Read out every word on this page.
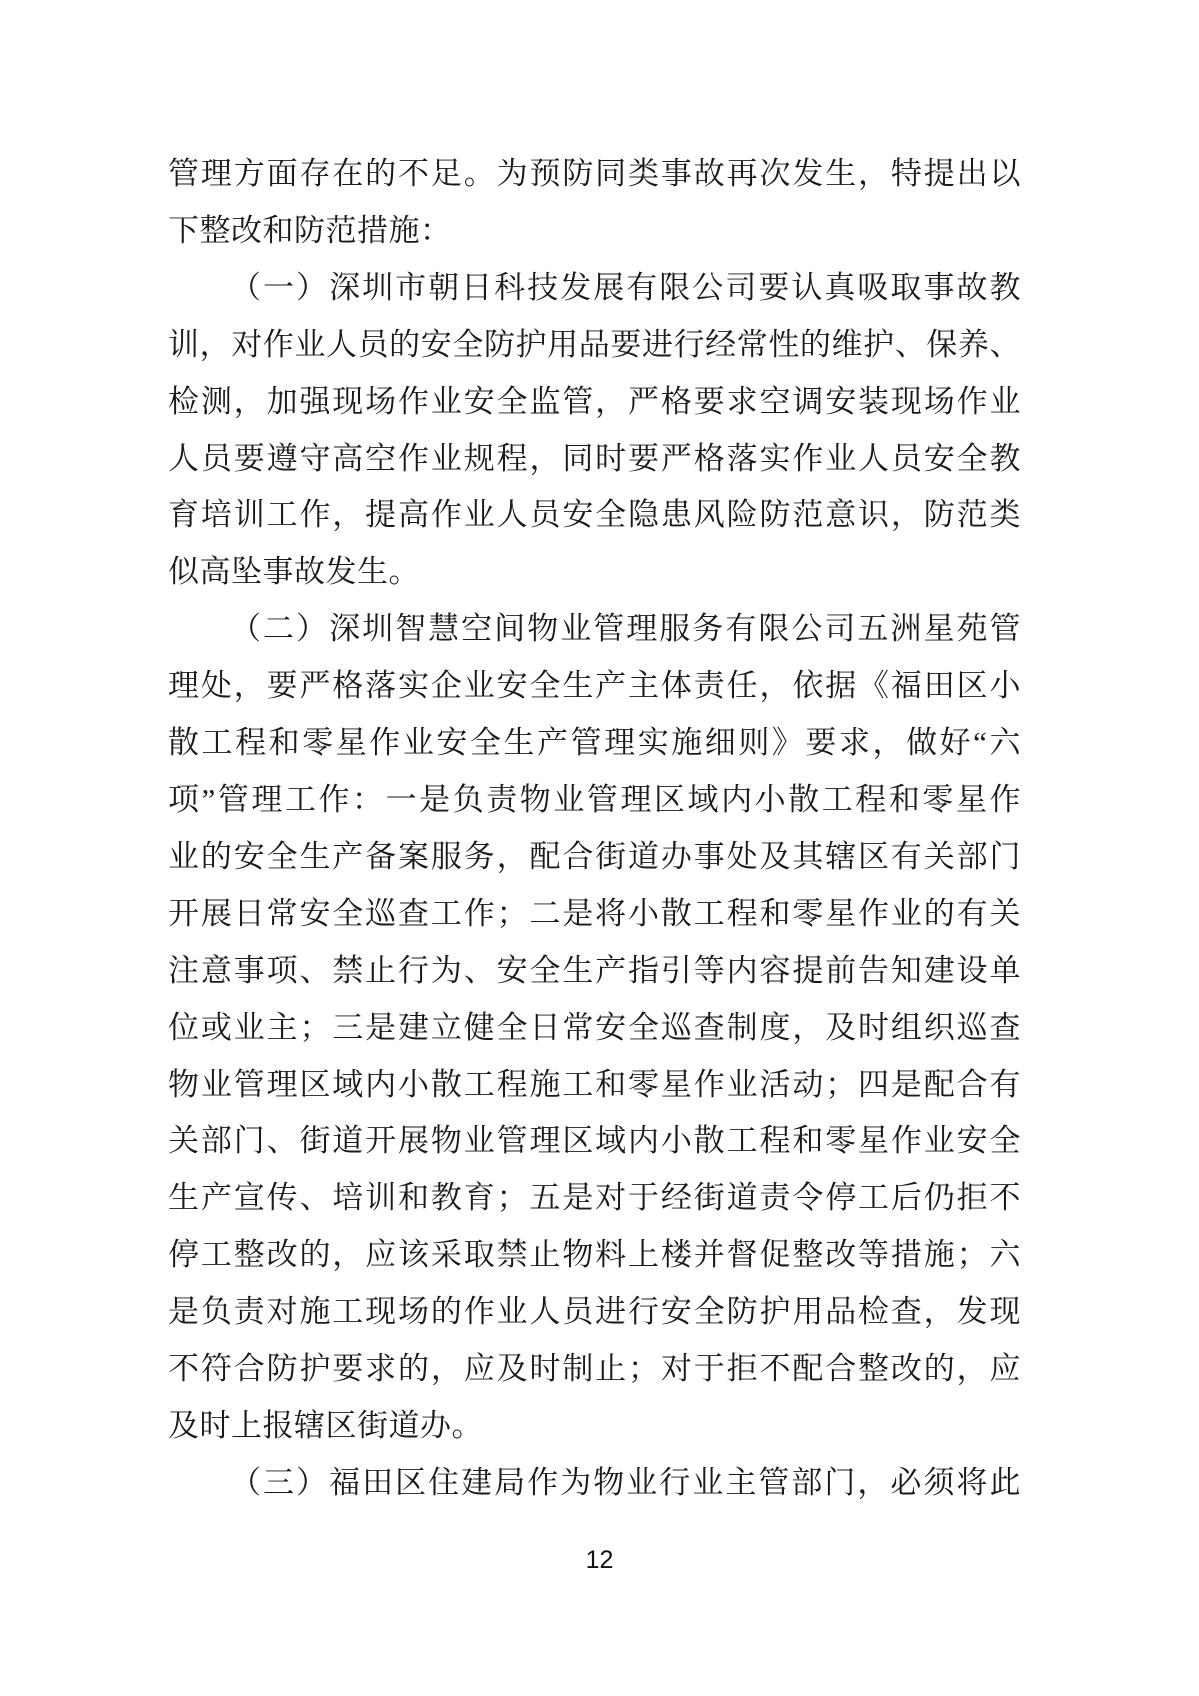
管理方面存在的不足。为预防同类事故再次发生，特提出以
下整改和防范措施：
（一）深圳市朝日科技发展有限公司要认真吸取事故教
训，对作业人员的安全防护用品要进行经常性的维护、保养、
检测，加强现场作业安全监管，严格要求空调安装现场作业
人员要遵守高空作业规程，同时要严格落实作业人员安全教
育培训工作，提高作业人员安全隐患风险防范意识，防范类
似高坠事故发生。
（二）深圳智慧空间物业管理服务有限公司五洲星苑管
理处，要严格落实企业安全生产主体责任，依据《福田区小
散工程和零星作业安全生产管理实施细则》要求，做好“六
项”管理工作：一是负责物业管理区域内小散工程和零星作
业的安全生产备案服务，配合街道办事处及其辖区有关部门
开展日常安全巡查工作；二是将小散工程和零星作业的有关
注意事项、禁止行为、安全生产指引等内容提前告知建设单
位或业主；三是建立健全日常安全巡查制度，及时组织巡查
物业管理区域内小散工程施工和零星作业活动；四是配合有
关部门、街道开展物业管理区域内小散工程和零星作业安全
生产宣传、培训和教育；五是对于经街道责令停工后仍拒不
停工整改的，应该采取禁止物料上楼并督促整改等措施；六
是负责对施工现场的作业人员进行安全防护用品检查，发现
不符合防护要求的，应及时制止；对于拒不配合整改的，应
及时上报辖区街道办。
（三）福田区住建局作为物业行业主管部门，必须将此
12
